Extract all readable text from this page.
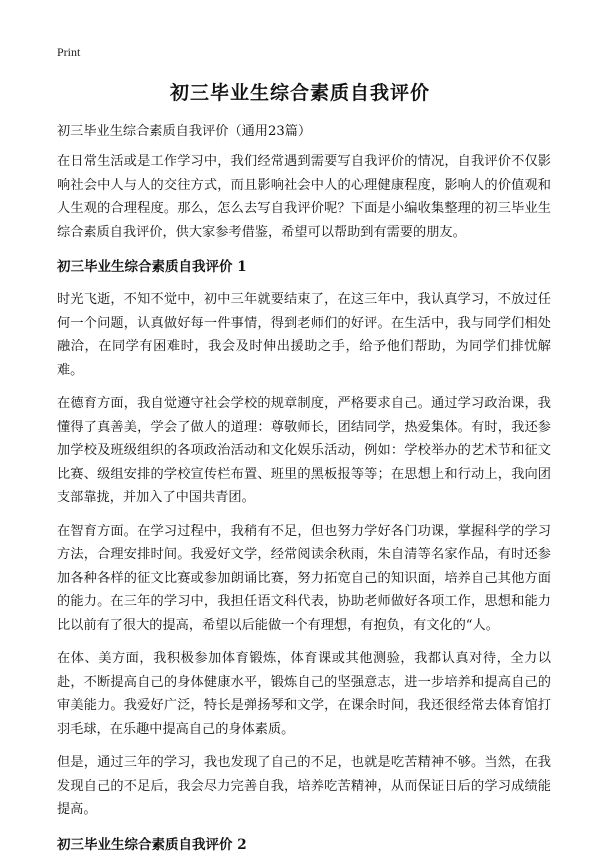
Print
初三毕业生综合素质自我评价

初三毕业生综合素质自我评价（通用23篇）

在日常生活或是工作学习中，我们经常遇到需要写自我评价的情况，自我评价不仅影响社会中人与人的交往方式，而且影响社会中人的心理健康程度，影响人的价值观和人生观的合理程度。那么，怎么去写自我评价呢？下面是小编收集整理的初三毕业生综合素质自我评价，供大家参考借鉴，希望可以帮助到有需要的朋友。

初三毕业生综合素质自我评价 1

时光飞逝，不知不觉中，初中三年就要结束了，在这三年中，我认真学习，不放过任何一个问题，认真做好每一件事情，得到老师们的好评。在生活中，我与同学们相处融洽，在同学有困难时，我会及时伸出援助之手，给予他们帮助，为同学们排忧解难。

在德育方面，我自觉遵守社会学校的规章制度，严格要求自己。通过学习政治课，我懂得了真善美，学会了做人的道理：尊敬师长，团结同学，热爱集体。有时，我还参加学校及班级组织的各项政治活动和文化娱乐活动，例如：学校举办的艺术节和征文比赛、级组安排的学校宣传栏布置、班里的黑板报等等；在思想上和行动上，我向团支部靠拢，并加入了中国共青团。

在智育方面。在学习过程中，我稍有不足，但也努力学好各门功课，掌握科学的学习方法，合理安排时间。我爱好文学，经常阅读余秋雨，朱自清等名家作品，有时还参加各种各样的征文比赛或参加朗诵比赛，努力拓宽自己的知识面，培养自己其他方面的能力。在三年的学习中，我担任语文科代表，协助老师做好各项工作，思想和能力比以前有了很大的提高，希望以后能做一个有理想，有抱负，有文化的“人。

在体、美方面，我积极参加体育锻炼，体育课或其他测验，我都认真对待，全力以赴，不断提高自己的身体健康水平，锻炼自己的坚强意志，进一步培养和提高自己的审美能力。我爱好广泛，特长是弹扬琴和文学，在课余时间，我还很经常去体育馆打羽毛球，在乐趣中提高自己的身体素质。

但是，通过三年的学习，我也发现了自己的不足，也就是吃苦精神不够。当然，在我发现自己的不足后，我会尽力完善自我，培养吃苦精神，从而保证日后的学习成绩能提高。

初三毕业生综合素质自我评价 2
